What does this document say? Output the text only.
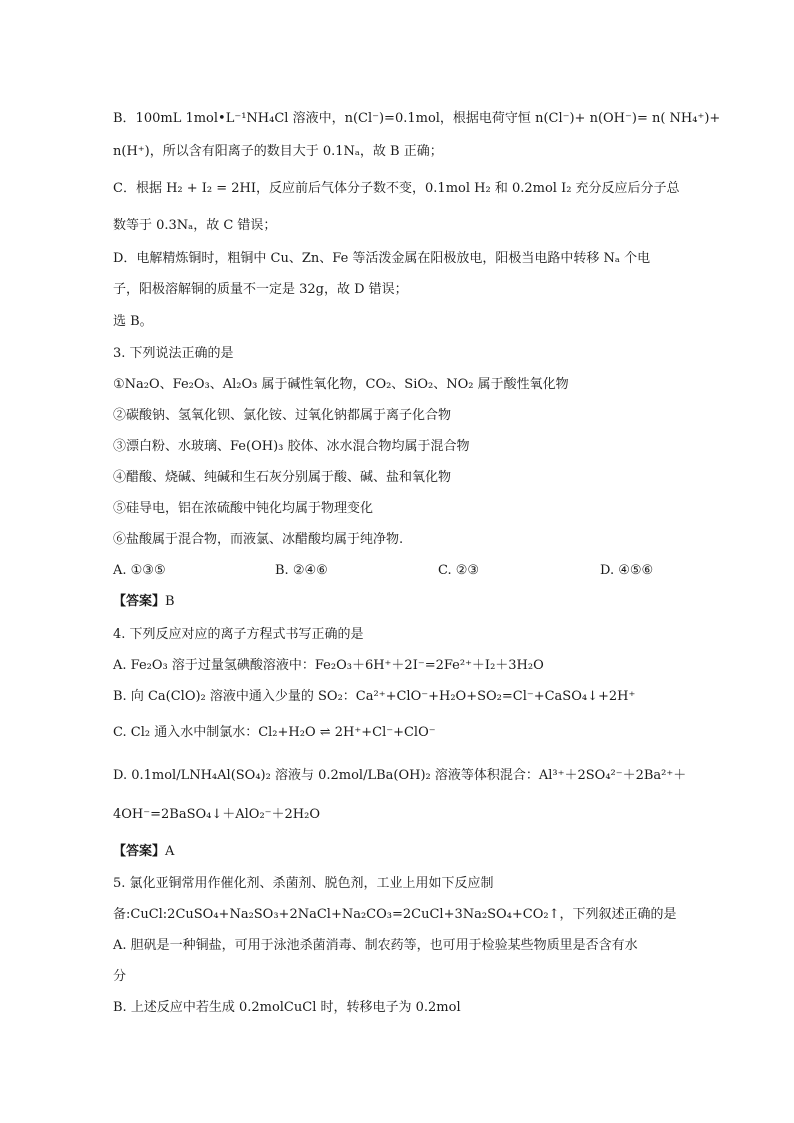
B．100mL 1mol•L⁻¹NH₄Cl 溶液中，n(Cl⁻)=0.1mol，根据电荷守恒 n(Cl⁻)+ n(OH⁻)= n( NH₄⁺)+
n(H⁺)，所以含有阳离子的数目大于 0.1Nₐ，故 B 正确；
C．根据 H₂ + I₂ = 2HI，反应前后气体分子数不变，0.1mol H₂ 和 0.2mol I₂ 充分反应后分子总
数等于 0.3Nₐ，故 C 错误；
D．电解精炼铜时，粗铜中 Cu、Zn、Fe 等活泼金属在阳极放电，阳极当电路中转移 Nₐ 个电
子，阳极溶解铜的质量不一定是 32g，故 D 错误；
选 B。
3. 下列说法正确的是
①Na₂O、Fe₂O₃、Al₂O₃ 属于碱性氧化物，CO₂、SiO₂、NO₂ 属于酸性氧化物
②碳酸钠、氢氧化钡、氯化铵、过氧化钠都属于离子化合物
③漂白粉、水玻璃、Fe(OH)₃ 胶体、冰水混合物均属于混合物
④醋酸、烧碱、纯碱和生石灰分别属于酸、碱、盐和氧化物
⑤硅导电，铝在浓硫酸中钝化均属于物理变化
⑥盐酸属于混合物，而液氯、冰醋酸均属于纯净物.
4. 下列反应对应的离子方程式书写正确的是
A. Fe₂O₃ 溶于过量氢碘酸溶液中：Fe₂O₃＋6H⁺＋2I⁻=2Fe²⁺＋I₂＋3H₂O
B. 向 Ca(ClO)₂ 溶液中通入少量的 SO₂：Ca²⁺+ClO⁻+H₂O+SO₂=Cl⁻+CaSO₄↓+2H⁺
C. Cl₂ 通入水中制氯水：Cl₂+H₂O ⇌ 2H⁺+Cl⁻+ClO⁻
D. 0.1mol/LNH₄Al(SO₄)₂ 溶液与 0.2mol/LBa(OH)₂ 溶液等体积混合：Al³⁺＋2SO₄²⁻＋2Ba²⁺＋
4OH⁻=2BaSO₄↓＋AlO₂⁻＋2H₂O
5. 氯化亚铜常用作催化剂、杀菌剂、脱色剂，工业上用如下反应制
备:CuCl:2CuSO₄+Na₂SO₃+2NaCl+Na₂CO₃=2CuCl+3Na₂SO₄+CO₂↑，下列叙述正确的是
A. 胆矾是一种铜盐，可用于泳池杀菌消毒、制农药等，也可用于检验某些物质里是否含有水
分
B. 上述反应中若生成 0.2molCuCl 时，转移电子为 0.2mol
A. ①③⑤	B. ②④⑥	C. ②③	D. ④⑤⑥
【答案】B
【答案】A
